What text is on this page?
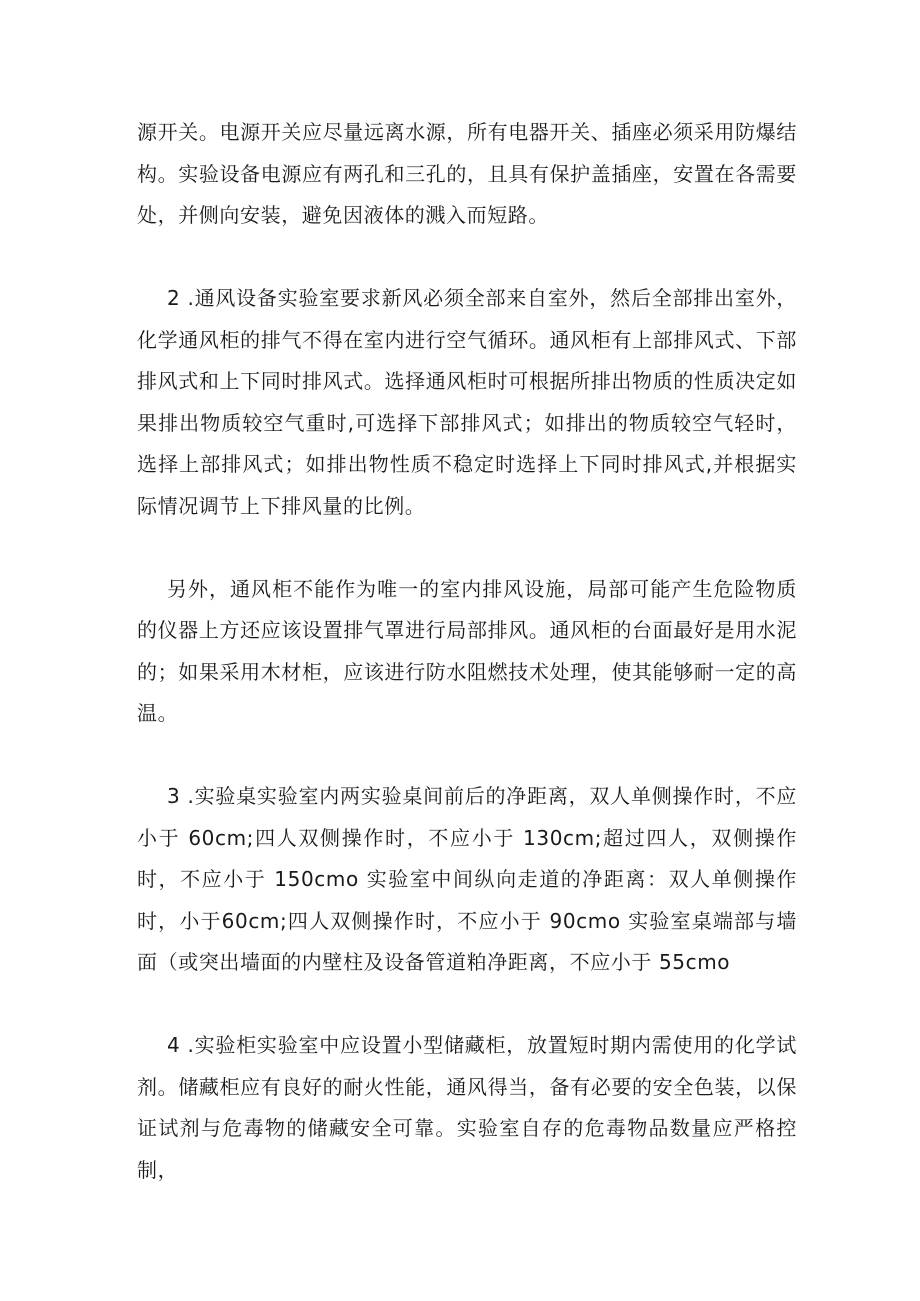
源开关。电源开关应尽量远离水源，所有电器开关、插座必须采用防爆结构。实验设备电源应有两孔和三孔的，且具有保护盖插座，安置在各需要处，并侧向安装，避免因液体的溅入而短路。

2 .通风设备实验室要求新风必须全部来自室外，然后全部排出室外，化学通风柜的排气不得在室内进行空气循环。通风柜有上部排风式、下部排风式和上下同时排风式。选择通风柜时可根据所排出物质的性质决定如果排出物质较空气重时,可选择下部排风式；如排出的物质较空气轻时，选择上部排风式；如排出物性质不稳定时选择上下同时排风式,并根据实际情况调节上下排风量的比例。

另外，通风柜不能作为唯一的室内排风设施，局部可能产生危险物质的仪器上方还应该设置排气罩进行局部排风。通风柜的台面最好是用水泥的；如果采用木材柜，应该进行防水阻燃技术处理，使其能够耐一定的高温。

3 .实验桌实验室内两实验桌间前后的净距离，双人单侧操作时，不应小于 60cm;四人双侧操作时，不应小于 130cm;超过四人，双侧操作时，不应小于 150cmo 实验室中间纵向走道的净距离：双人单侧操作时，小于60cm;四人双侧操作时，不应小于 90cmo 实验室桌端部与墙面（或突出墙面的内壁柱及设备管道粕净距离，不应小于 55cmo

4 .实验柜实验室中应设置小型储藏柜，放置短时期内需使用的化学试剂。储藏柜应有良好的耐火性能，通风得当，备有必要的安全色装，以保证试剂与危毒物的储藏安全可靠。实验室自存的危毒物品数量应严格控制，
